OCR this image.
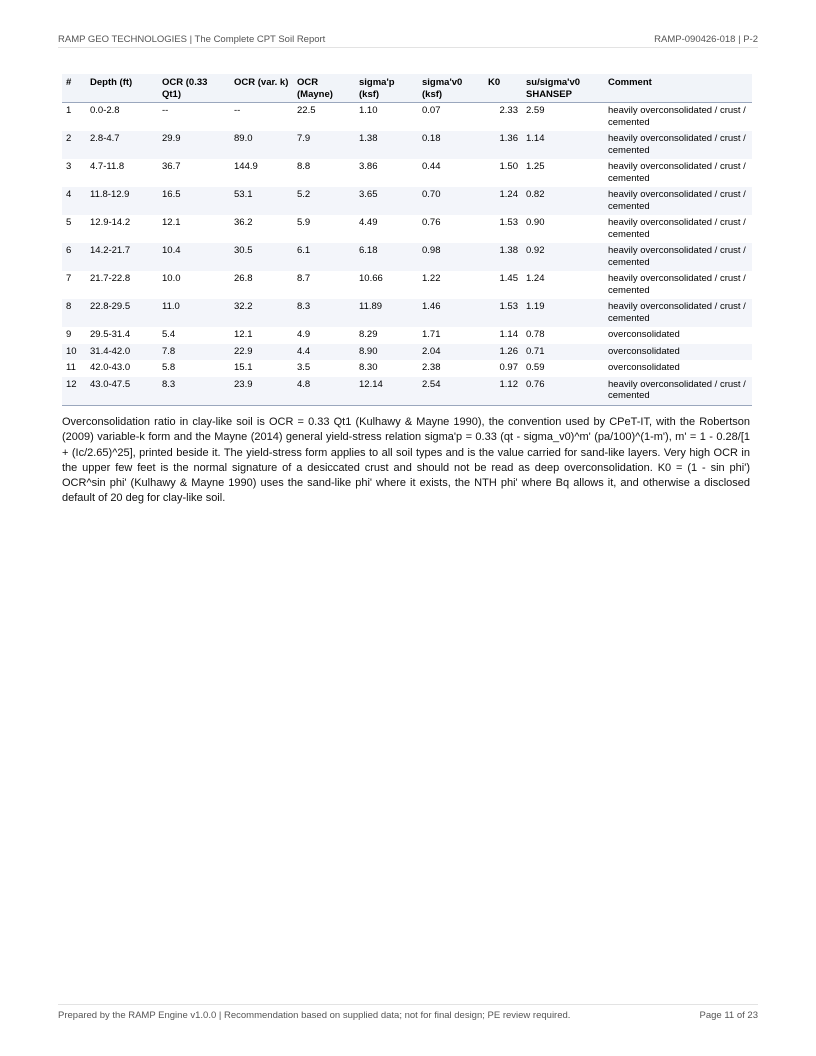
RAMP GEO TECHNOLOGIES | The Complete CPT Soil Report	RAMP-090426-018 | P-2
#	Depth (ft)	OCR (0.33 Qt1)	OCR (var. k)	OCR (Mayne)	sigma'p (ksf)	sigma'v0 (ksf)	K0	su/sigma'v0 SHANSEP	Comment
1	0.0-2.8	--	--	22.5	1.10	0.07	2.33	2.59	heavily overconsolidated / crust / cemented
2	2.8-4.7	29.9	89.0	7.9	1.38	0.18	1.36	1.14	heavily overconsolidated / crust / cemented
3	4.7-11.8	36.7	144.9	8.8	3.86	0.44	1.50	1.25	heavily overconsolidated / crust / cemented
4	11.8-12.9	16.5	53.1	5.2	3.65	0.70	1.24	0.82	heavily overconsolidated / crust / cemented
5	12.9-14.2	12.1	36.2	5.9	4.49	0.76	1.53	0.90	heavily overconsolidated / crust / cemented
6	14.2-21.7	10.4	30.5	6.1	6.18	0.98	1.38	0.92	heavily overconsolidated / crust / cemented
7	21.7-22.8	10.0	26.8	8.7	10.66	1.22	1.45	1.24	heavily overconsolidated / crust / cemented
8	22.8-29.5	11.0	32.2	8.3	11.89	1.46	1.53	1.19	heavily overconsolidated / crust / cemented
9	29.5-31.4	5.4	12.1	4.9	8.29	1.71	1.14	0.78	overconsolidated
10	31.4-42.0	7.8	22.9	4.4	8.90	2.04	1.26	0.71	overconsolidated
11	42.0-43.0	5.8	15.1	3.5	8.30	2.38	0.97	0.59	overconsolidated
12	43.0-47.5	8.3	23.9	4.8	12.14	2.54	1.12	0.76	heavily overconsolidated / crust / cemented
Overconsolidation ratio in clay-like soil is OCR = 0.33 Qt1 (Kulhawy & Mayne 1990), the convention used by CPeT-IT, with the Robertson (2009) variable-k form and the Mayne (2014) general yield-stress relation sigma'p = 0.33 (qt - sigma_v0)^m' (pa/100)^(1-m'), m' = 1 - 0.28/[1 + (Ic/2.65)^25], printed beside it. The yield-stress form applies to all soil types and is the value carried for sand-like layers. Very high OCR in the upper few feet is the normal signature of a desiccated crust and should not be read as deep overconsolidation. K0 = (1 - sin phi') OCR^sin phi' (Kulhawy & Mayne 1990) uses the sand-like phi' where it exists, the NTH phi' where Bq allows it, and otherwise a disclosed default of 20 deg for clay-like soil.
Prepared by the RAMP Engine v1.0.0 | Recommendation based on supplied data; not for final design; PE review required.	Page 11 of 23
